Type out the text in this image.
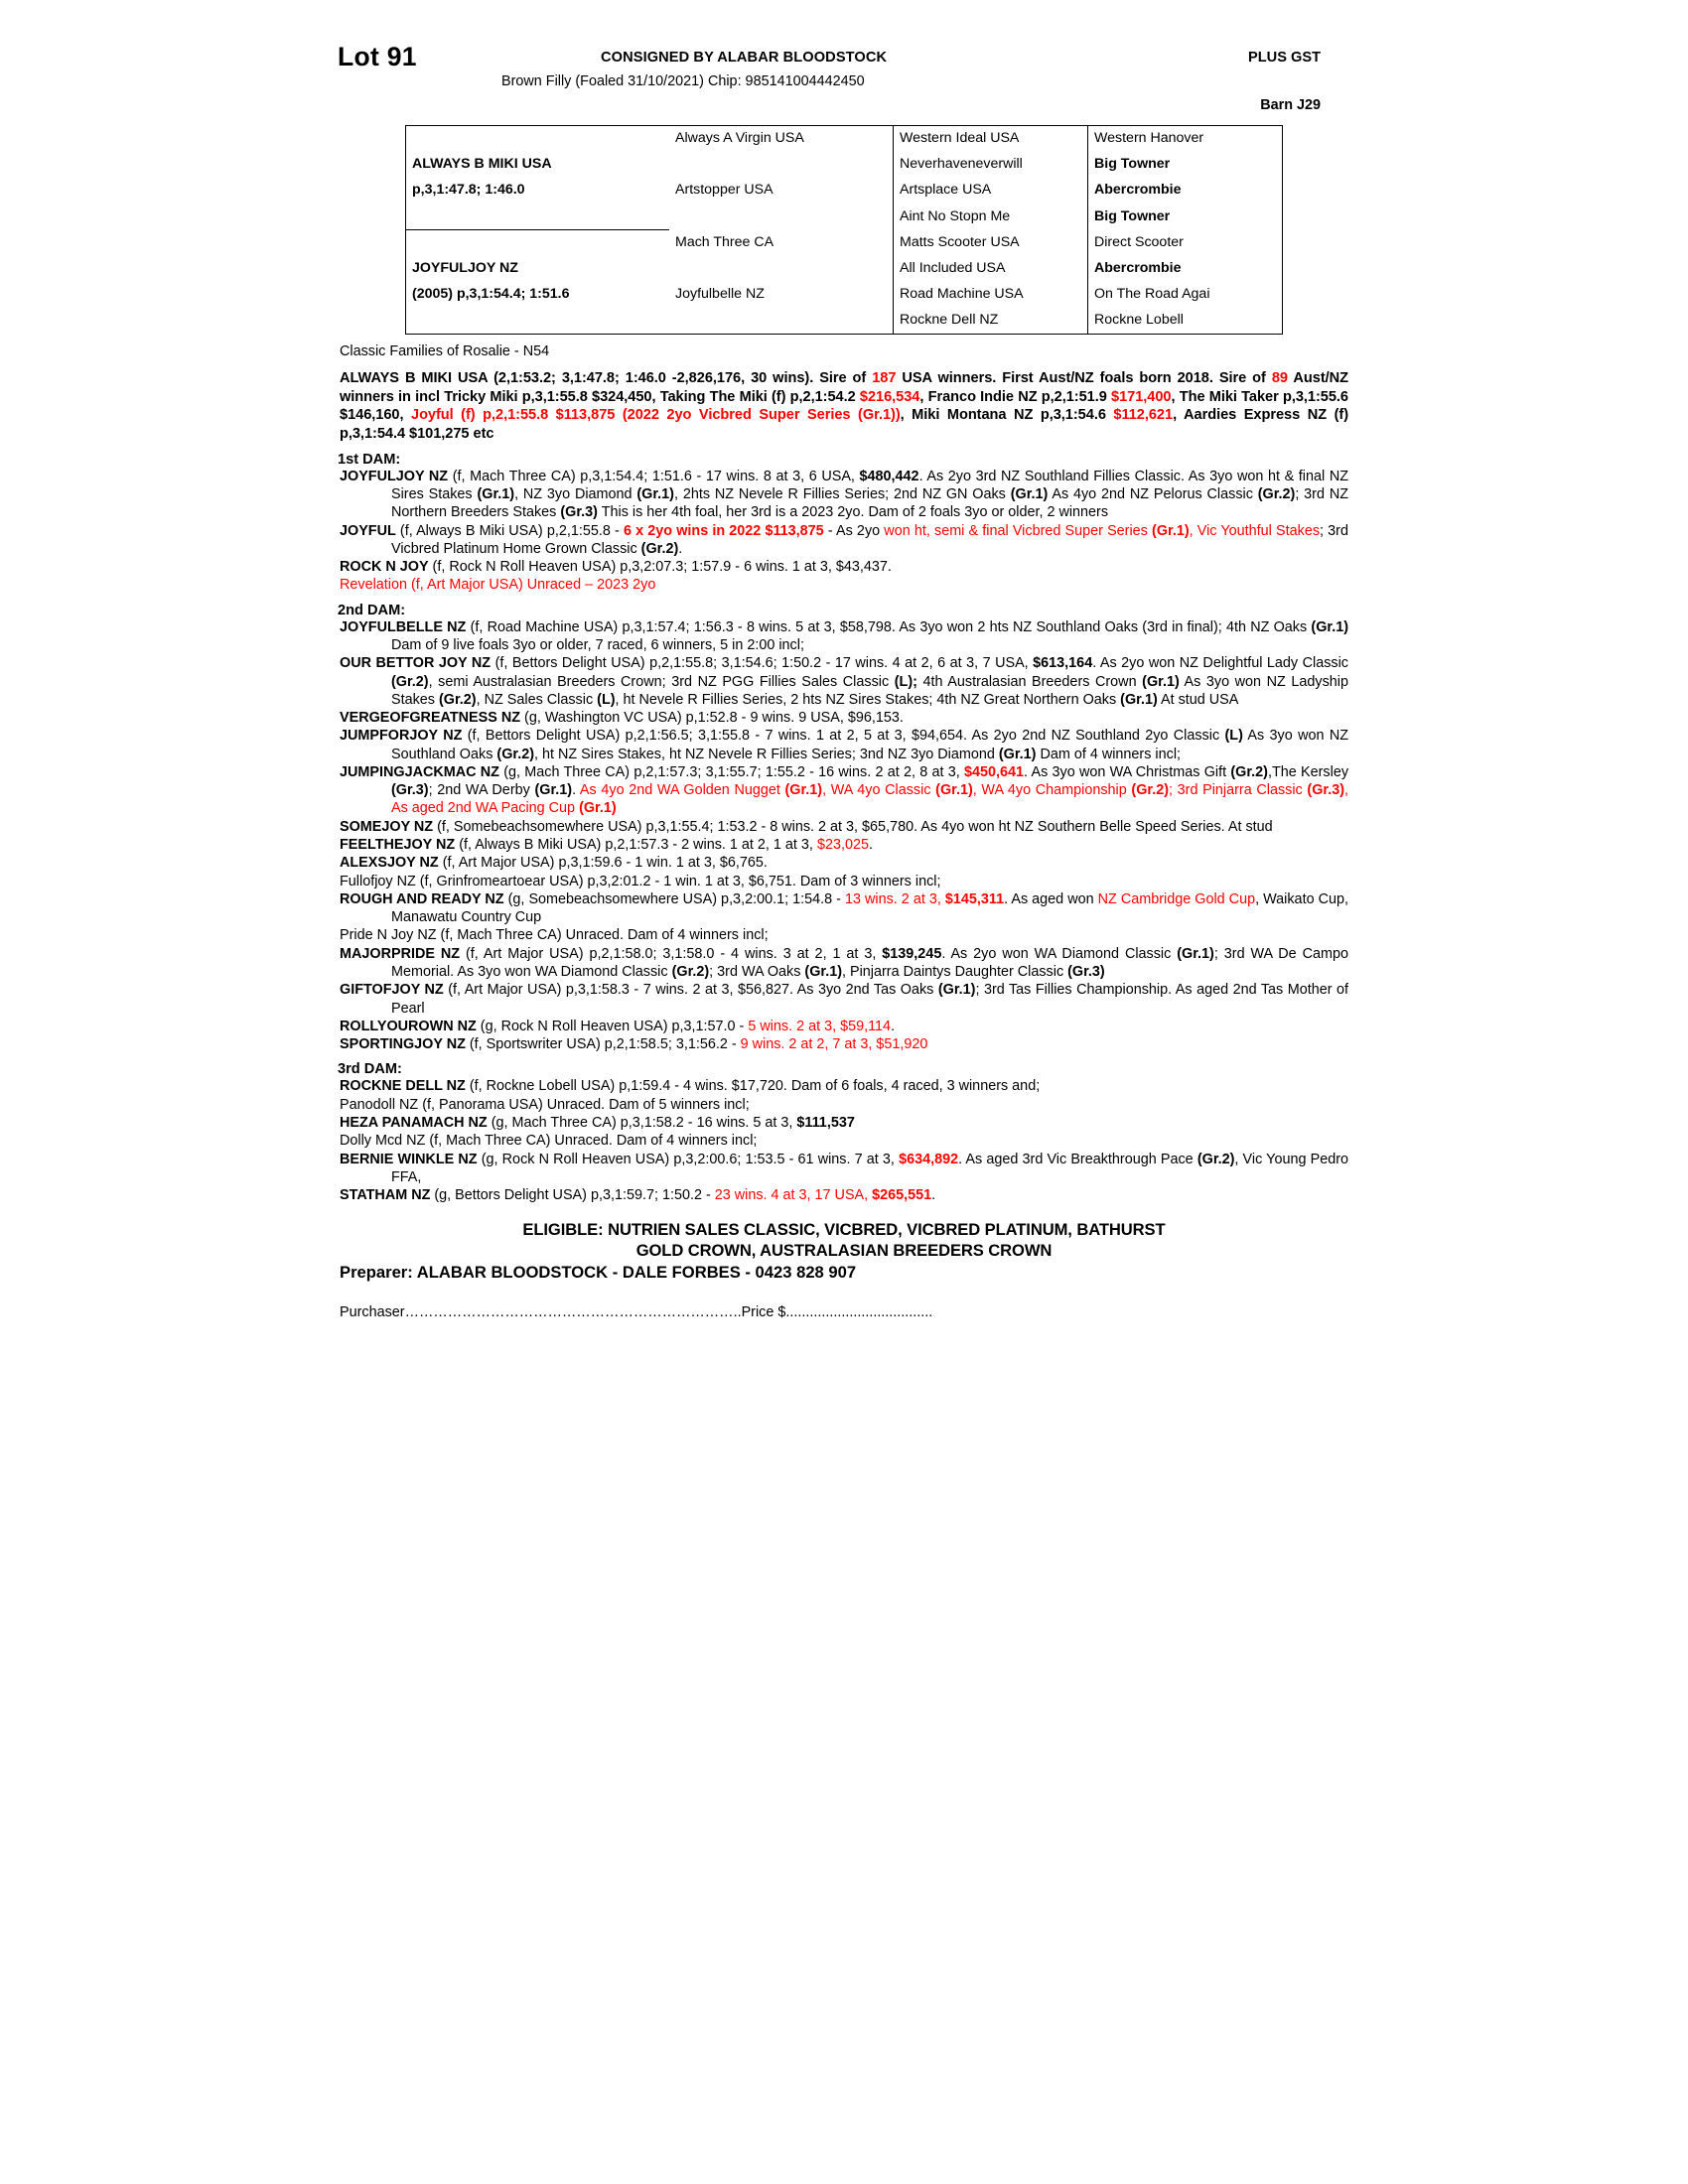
Lot 91	CONSIGNED BY ALABAR BLOODSTOCK	PLUS GST
Brown Filly (Foaled 31/10/2021) Chip: 985141004442450
Barn J29
	Always A Virgin USA	Western Ideal USA	Western Hanover
ALWAYS B MIKI USA		Neverhaveneverwill	Big Towner
p,3,1:47.8; 1:46.0	Artstopper USA	Artsplace USA	Abercrombie
		Aint No Stopn Me	Big Towner
	Mach Three CA	Matts Scooter USA	Direct Scooter
JOYFULJOY NZ		All Included USA	Abercrombie
(2005) p,3,1:54.4; 1:51.6	Joyfulbelle NZ	Road Machine USA	On The Road Agai
		Rockne Dell NZ	Rockne Lobell
Classic Families of Rosalie - N54
ALWAYS B MIKI USA (2,1:53.2; 3,1:47.8; 1:46.0 -2,826,176, 30 wins). Sire of 187 USA winners. First Aust/NZ foals born 2018. Sire of 89 Aust/NZ winners in incl Tricky Miki p,3,1:55.8 $324,450, Taking The Miki (f) p,2,1:54.2 $216,534, Franco Indie NZ p,2,1:51.9 $171,400, The Miki Taker p,3,1:55.6 $146,160, Joyful (f) p,2,1:55.8 $113,875 (2022 2yo Vicbred Super Series (Gr.1)), Miki Montana NZ p,3,1:54.6 $112,621, Aardies Express NZ (f) p,3,1:54.4 $101,275 etc
1st DAM:

JOYFULJOY NZ (f, Mach Three CA) p,3,1:54.4; 1:51.6 - 17 wins. 8 at 3, 6 USA, $480,442. As 2yo 3rd NZ Southland Fillies Classic. As 3yo won ht & final NZ Sires Stakes (Gr.1), NZ 3yo Diamond (Gr.1), 2hts NZ Nevele R Fillies Series; 2nd NZ GN Oaks (Gr.1) As 4yo 2nd NZ Pelorus Classic (Gr.2); 3rd NZ Northern Breeders Stakes (Gr.3) This is her 4th foal, her 3rd is a 2023 2yo. Dam of 2 foals 3yo or older, 2 winners

JOYFUL (f, Always B Miki USA) p,2,1:55.8 - 6 x 2yo wins in 2022 $113,875 - As 2yo won ht, semi & final Vicbred Super Series (Gr.1), Vic Youthful Stakes; 3rd Vicbred Platinum Home Grown Classic (Gr.2).

ROCK N JOY (f, Rock N Roll Heaven USA) p,3,2:07.3; 1:57.9 - 6 wins. 1 at 3, $43,437.

Revelation (f, Art Major USA) Unraced – 2023 2yo

2nd DAM:

JOYFULBELLE NZ (f, Road Machine USA) p,3,1:57.4; 1:56.3 - 8 wins. 5 at 3, $58,798. As 3yo won 2 hts NZ Southland Oaks (3rd in final); 4th NZ Oaks (Gr.1) Dam of 9 live foals 3yo or older, 7 raced, 6 winners, 5 in 2:00 incl;

OUR BETTOR JOY NZ (f, Bettors Delight USA) p,2,1:55.8; 3,1:54.6; 1:50.2 - 17 wins. 4 at 2, 6 at 3, 7 USA, $613,164. As 2yo won NZ Delightful Lady Classic (Gr.2), semi Australasian Breeders Crown; 3rd NZ PGG Fillies Sales Classic (L); 4th Australasian Breeders Crown (Gr.1) As 3yo won NZ Ladyship Stakes (Gr.2), NZ Sales Classic (L), ht Nevele R Fillies Series, 2 hts NZ Sires Stakes; 4th NZ Great Northern Oaks (Gr.1) At stud USA

VERGEOFGREATNESS NZ (g, Washington VC USA) p,1:52.8 - 9 wins. 9 USA, $96,153.

JUMPFORJOY NZ (f, Bettors Delight USA) p,2,1:56.5; 3,1:55.8 - 7 wins. 1 at 2, 5 at 3, $94,654. As 2yo 2nd NZ Southland 2yo Classic (L) As 3yo won NZ Southland Oaks (Gr.2), ht NZ Sires Stakes, ht NZ Nevele R Fillies Series; 3nd NZ 3yo Diamond (Gr.1) Dam of 4 winners incl;

JUMPINGJACKMAC NZ (g, Mach Three CA) p,2,1:57.3; 3,1:55.7; 1:55.2 - 16 wins. 2 at 2, 8 at 3, $450,641. As 3yo won WA Christmas Gift (Gr.2),The Kersley (Gr.3); 2nd WA Derby (Gr.1). As 4yo 2nd WA Golden Nugget (Gr.1), WA 4yo Classic (Gr.1), WA 4yo Championship (Gr.2); 3rd Pinjarra Classic (Gr.3), As aged 2nd WA Pacing Cup (Gr.1)

SOMEJOY NZ (f, Somebeachsomewhere USA) p,3,1:55.4; 1:53.2 - 8 wins. 2 at 3, $65,780. As 4yo won ht NZ Southern Belle Speed Series. At stud

FEELTHEJOY NZ (f, Always B Miki USA) p,2,1:57.3 - 2 wins. 1 at 2, 1 at 3, $23,025.

ALEXSJOY NZ (f, Art Major USA) p,3,1:59.6 - 1 win. 1 at 3, $6,765.

Fullofjoy NZ (f, Grinfromeartoear USA) p,3,2:01.2 - 1 win. 1 at 3, $6,751. Dam of 3 winners incl;

ROUGH AND READY NZ (g, Somebeachsomewhere USA) p,3,2:00.1; 1:54.8 - 13 wins. 2 at 3, $145,311. As aged won NZ Cambridge Gold Cup, Waikato Cup, Manawatu Country Cup

Pride N Joy NZ (f, Mach Three CA) Unraced. Dam of 4 winners incl;

MAJORPRIDE NZ (f, Art Major USA) p,2,1:58.0; 3,1:58.0 - 4 wins. 3 at 2, 1 at 3, $139,245. As 2yo won WA Diamond Classic (Gr.1); 3rd WA De Campo Memorial. As 3yo won WA Diamond Classic (Gr.2); 3rd WA Oaks (Gr.1), Pinjarra Daintys Daughter Classic (Gr.3)

GIFTOFJOY NZ (f, Art Major USA) p,3,1:58.3 - 7 wins. 2 at 3, $56,827. As 3yo 2nd Tas Oaks (Gr.1); 3rd Tas Fillies Championship. As aged 2nd Tas Mother of Pearl

ROLLYOUROWN NZ (g, Rock N Roll Heaven USA) p,3,1:57.0 - 5 wins. 2 at 3, $59,114.

SPORTINGJOY NZ (f, Sportswriter USA) p,2,1:58.5; 3,1:56.2 - 9 wins. 2 at 2, 7 at 3, $51,920

3rd DAM:

ROCKNE DELL NZ (f, Rockne Lobell USA) p,1:59.4 - 4 wins. $17,720. Dam of 6 foals, 4 raced, 3 winners and;

Panodoll NZ (f, Panorama USA) Unraced. Dam of 5 winners incl;

HEZA PANAMACH NZ (g, Mach Three CA) p,3,1:58.2 - 16 wins. 5 at 3, $111,537

Dolly Mcd NZ (f, Mach Three CA) Unraced. Dam of 4 winners incl;

BERNIE WINKLE NZ (g, Rock N Roll Heaven USA) p,3,2:00.6; 1:53.5 - 61 wins. 7 at 3, $634,892. As aged 3rd Vic Breakthrough Pace (Gr.2), Vic Young Pedro FFA,

STATHAM NZ (g, Bettors Delight USA) p,3,1:59.7; 1:50.2 - 23 wins. 4 at 3, 17 USA, $265,551.

ELIGIBLE: NUTRIEN SALES CLASSIC, VICBRED, VICBRED PLATINUM, BATHURST
GOLD CROWN, AUSTRALASIAN BREEDERS CROWN
Preparer: ALABAR BLOODSTOCK - DALE FORBES - 0423 828 907
Purchaser……………………………………………………………..Price $.....................................
